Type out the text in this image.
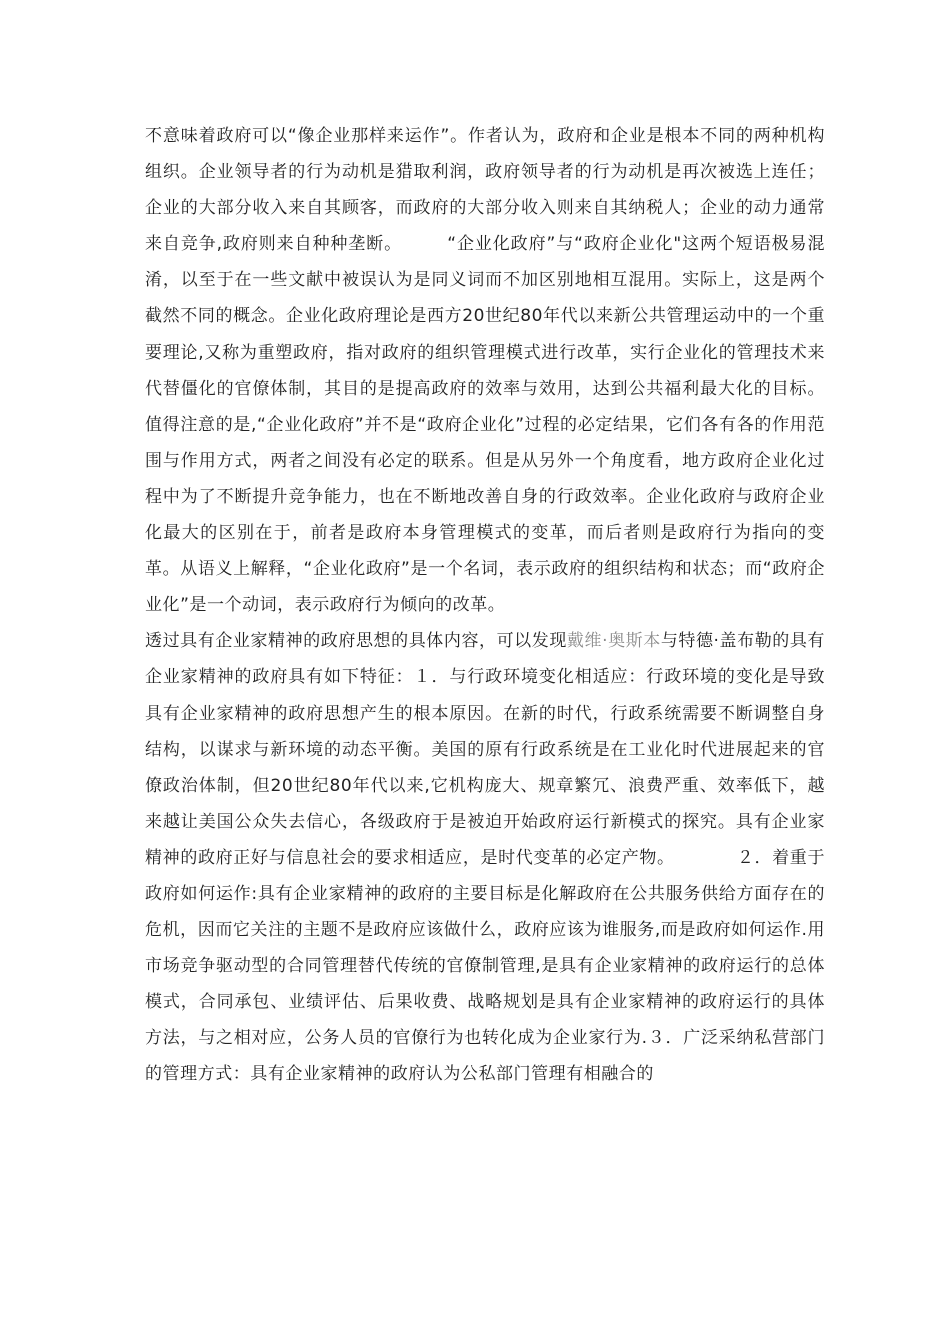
不意味着政府可以“像企业那样来运作”。作者认为，政府和企业是根本不同的两种机构组织。企业领导者的行为动机是猎取利润，政府领导者的行为动机是再次被选上连任；企业的大部分收入来自其顾客，而政府的大部分收入则来自其纳税人；企业的动力通常来自竞争,政府则来自种种垄断。　　　“企业化政府”与“政府企业化"这两个短语极易混淆，以至于在一些文献中被误认为是同义词而不加区别地相互混用。实际上，这是两个截然不同的概念。企业化政府理论是西方20世纪80年代以来新公共管理运动中的一个重要理论,又称为重塑政府，指对政府的组织管理模式进行改革，实行企业化的管理技术来代替僵化的官僚体制，其目的是提高政府的效率与效用，达到公共福利最大化的目标。值得注意的是,“企业化政府”并不是“政府企业化”过程的必定结果，它们各有各的作用范围与作用方式，两者之间没有必定的联系。但是从另外一个角度看，地方政府企业化过程中为了不断提升竞争能力，也在不断地改善自身的行政效率。企业化政府与政府企业化最大的区别在于，前者是政府本身管理模式的变革，而后者则是政府行为指向的变革。从语义上解释，“企业化政府”是一个名词，表示政府的组织结构和状态；而“政府企业化”是一个动词，表示政府行为倾向的改革。

透过具有企业家精神的政府思想的具体内容，可以发现戴维·奥斯本与特德·盖布勒的具有企业家精神的政府具有如下特征：１．与行政环境变化相适应：行政环境的变化是导致具有企业家精神的政府思想产生的根本原因。在新的时代，行政系统需要不断调整自身结构，以谋求与新环境的动态平衡。美国的原有行政系统是在工业化时代进展起来的官僚政治体制，但20世纪80年代以来,它机构庞大、规章繁冗、浪费严重、效率低下，越来越让美国公众失去信心，各级政府于是被迫开始政府运行新模式的探究。具有企业家精神的政府正好与信息社会的要求相适应，是时代变革的必定产物。　　　　２．着重于政府如何运作:具有企业家精神的政府的主要目标是化解政府在公共服务供给方面存在的危机，因而它关注的主题不是政府应该做什么，政府应该为谁服务,而是政府如何运作.用市场竞争驱动型的合同管理替代传统的官僚制管理,是具有企业家精神的政府运行的总体模式，合同承包、业绩评估、后果收费、战略规划是具有企业家精神的政府运行的具体方法，与之相对应，公务人员的官僚行为也转化成为企业家行为.３．广泛采纳私营部门的管理方式：具有企业家精神的政府认为公私部门管理有相融合的
